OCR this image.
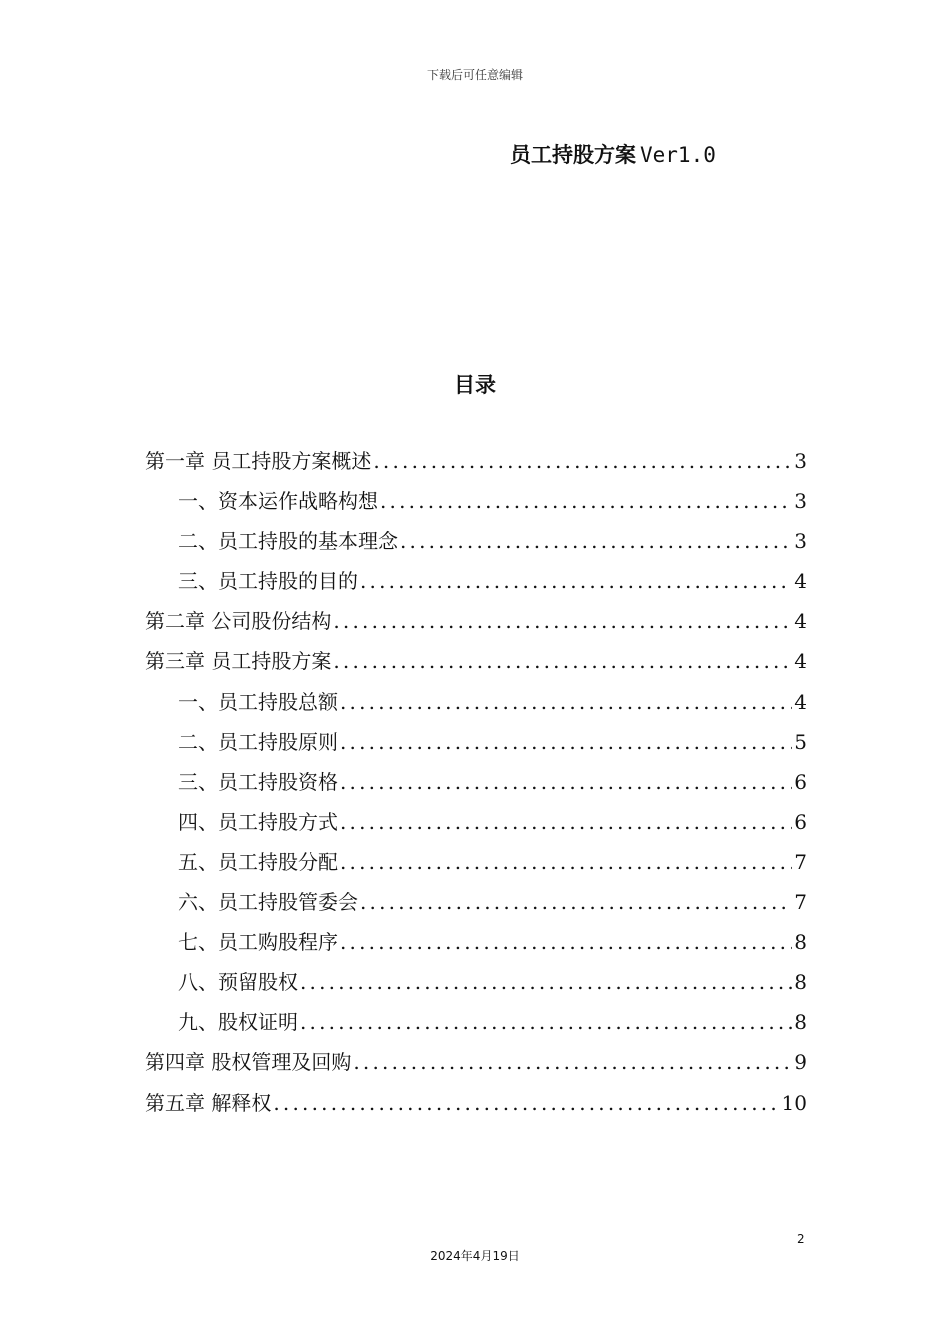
下载后可任意编辑
员工持股方案 Ver1.0
目录
第一章 员工持股方案概述 .....	3
一、资本运作战略构想 .....	3
二、员工持股的基本理念 .....	3
三、员工持股的目的 .....	4
第二章 公司股份结构 .....	4
第三章 员工持股方案 .....	4
一、员工持股总额 .....	4
二、员工持股原则 .....	5
三、员工持股资格 .....	6
四、员工持股方式 .....	6
五、员工持股分配 .....	7
六、员工持股管委会 .....	7
七、员工购股程序 .....	8
八、预留股权 .....	8
九、股权证明 .....	8
第四章 股权管理及回购 .....	9
第五章 解释权 .....	10
2
2024年4月19日
